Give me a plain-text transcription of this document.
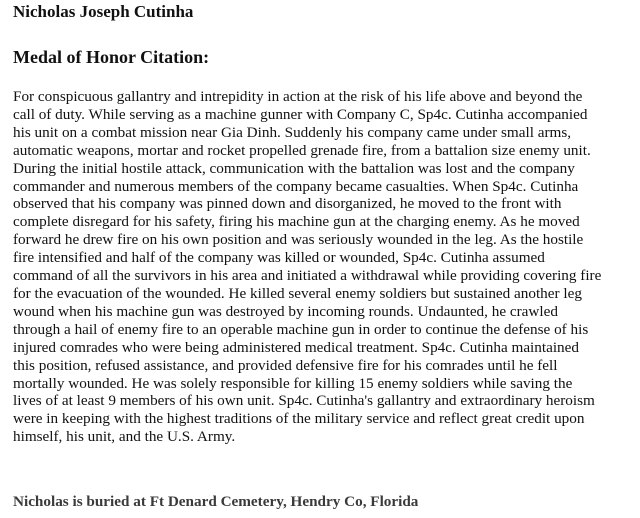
Nicholas Joseph Cutinha
Medal of Honor Citation:

For conspicuous gallantry and intrepidity in action at the risk of his life above and beyond the
call of duty. While serving as a machine gunner with Company C, Sp4c. Cutinha accompanied
his unit on a combat mission near Gia Dinh. Suddenly his company came under small arms,
automatic weapons, mortar and rocket propelled grenade fire, from a battalion size enemy unit.
During the initial hostile attack, communication with the battalion was lost and the company
commander and numerous members of the company became casualties. When Sp4c. Cutinha
observed that his company was pinned down and disorganized, he moved to the front with
complete disregard for his safety, firing his machine gun at the charging enemy. As he moved
forward he drew fire on his own position and was seriously wounded in the leg. As the hostile
fire intensified and half of the company was killed or wounded, Sp4c. Cutinha assumed
command of all the survivors in his area and initiated a withdrawal while providing covering fire
for the evacuation of the wounded. He killed several enemy soldiers but sustained another leg
wound when his machine gun was destroyed by incoming rounds. Undaunted, he crawled
through a hail of enemy fire to an operable machine gun in order to continue the defense of his
injured comrades who were being administered medical treatment. Sp4c. Cutinha maintained
this position, refused assistance, and provided defensive fire for his comrades until he fell
mortally wounded. He was solely responsible for killing 15 enemy soldiers while saving the
lives of at least 9 members of his own unit. Sp4c. Cutinha's gallantry and extraordinary heroism
were in keeping with the highest traditions of the military service and reflect great credit upon
himself, his unit, and the U.S. Army.

Nicholas is buried at Ft Denard Cemetery, Hendry Co, Florida
